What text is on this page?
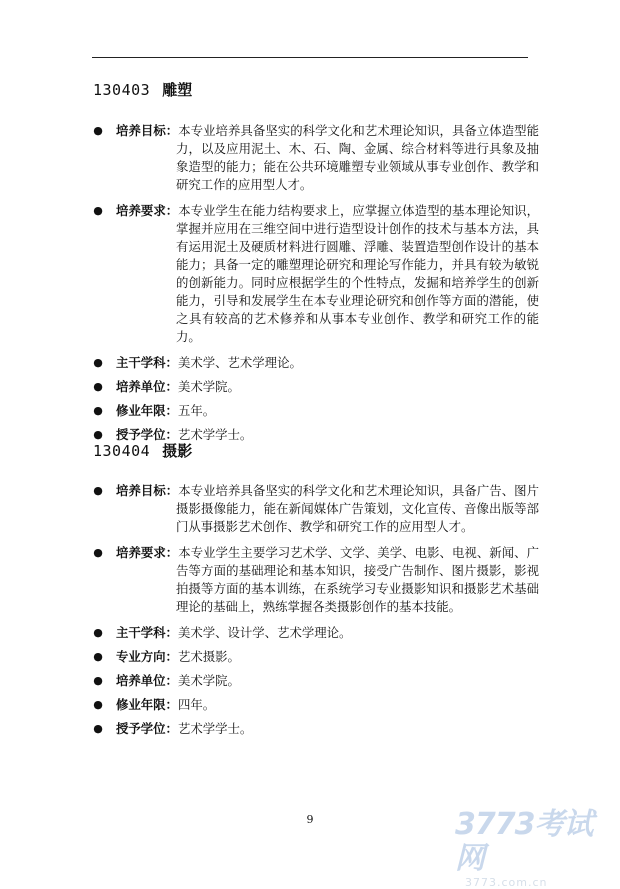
130403 雕塑
● 培养目标：本专业培养具备坚实的科学文化和艺术理论知识，具备立体造型能力，以及应用泥土、木、石、陶、金属、综合材料等进行具象及抽象造型的能力；能在公共环境雕塑专业领域从事专业创作、教学和研究工作的应用型人才。
● 培养要求：本专业学生在能力结构要求上，应掌握立体造型的基本理论知识，掌握并应用在三维空间中进行造型设计创作的技术与基本方法，具有运用泥土及硬质材料进行圆雕、浮雕、装置造型创作设计的基本能力；具备一定的雕塑理论研究和理论写作能力，并具有较为敏锐的创新能力。同时应根据学生的个性特点，发掘和培养学生的创新能力，引导和发展学生在本专业理论研究和创作等方面的潜能，使之具有较高的艺术修养和从事本专业创作、教学和研究工作的能力。
● 主干学科：美术学、艺术学理论。
● 培养单位：美术学院。
● 修业年限：五年。
● 授予学位：艺术学学士。
130404 摄影
● 培养目标：本专业培养具备坚实的科学文化和艺术理论知识，具备广告、图片摄影摄像能力，能在新闻媒体广告策划，文化宣传、音像出版等部门从事摄影艺术创作、教学和研究工作的应用型人才。
● 培养要求：本专业学生主要学习艺术学、文学、美学、电影、电视、新闻、广告等方面的基础理论和基本知识，接受广告制作、图片摄影，影视拍摄等方面的基本训练，在系统学习专业摄影知识和摄影艺术基础理论的基础上，熟练掌握各类摄影创作的基本技能。
● 主干学科：美术学、设计学、艺术学理论。
● 专业方向：艺术摄影。
● 培养单位：美术学院。
● 修业年限：四年。
● 授予学位：艺术学学士。
9	3773考试网
3773.com.cn
